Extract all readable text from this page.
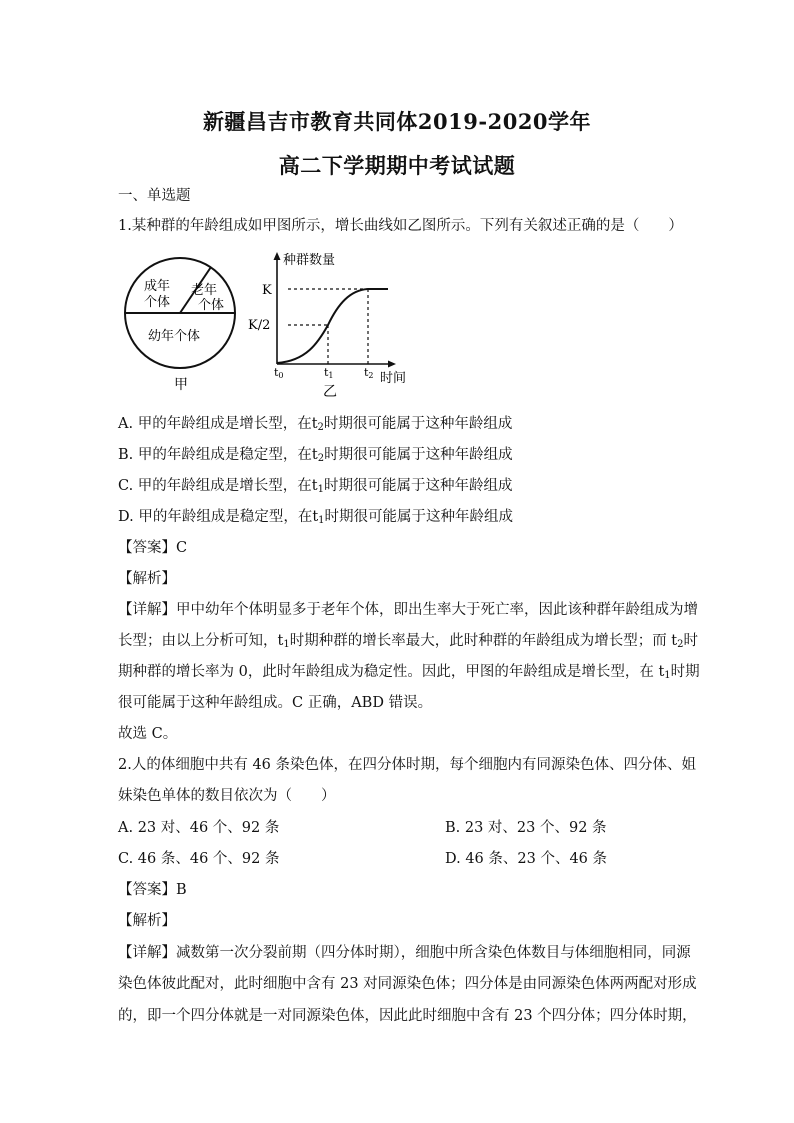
新疆昌吉市教育共同体2019-2020学年
高二下学期期中考试试题
一、单选题
1.某种群的年龄组成如甲图所示，增长曲线如乙图所示。下列有关叙述正确的是（　　）
成年
个体
老年
个体
幼年个体
甲
种群数量
K
K/2
t0	t1	t2 时间
乙
A. 甲的年龄组成是增长型，在$t_2$时期很可能属于这种年龄组成
B. 甲的年龄组成是稳定型，在$t_2$时期很可能属于这种年龄组成
C. 甲的年龄组成是增长型，在$t_1$时期很可能属于这种年龄组成
D. 甲的年龄组成是稳定型，在$t_1$时期很可能属于这种年龄组成
【答案】C
【解析】
【详解】甲中幼年个体明显多于老年个体，即出生率大于死亡率，因此该种群年龄组成为增
长型；由以上分析可知，$t_1$时期种群的增长率最大，此时种群的年龄组成为增长型；而 $t_2$时
期种群的增长率为 0，此时年龄组成为稳定性。因此，甲图的年龄组成是增长型，在 $t_1$时期
很可能属于这种年龄组成。C 正确，ABD 错误。
故选 C。
2.人的体细胞中共有 46 条染色体，在四分体时期，每个细胞内有同源染色体、四分体、姐
妹染色单体的数目依次为（　　）
A. 23 对、46 个、92 条	B. 23 对、23 个、92 条
C. 46 条、46 个、92 条	D. 46 条、23 个、46 条
【答案】B
【解析】
【详解】减数第一次分裂前期（四分体时期），细胞中所含染色体数目与体细胞相同，同源
染色体彼此配对，此时细胞中含有 23 对同源染色体；四分体是由同源染色体两两配对形成
的，即一个四分体就是一对同源染色体，因此此时细胞中含有 23 个四分体；四分体时期，
